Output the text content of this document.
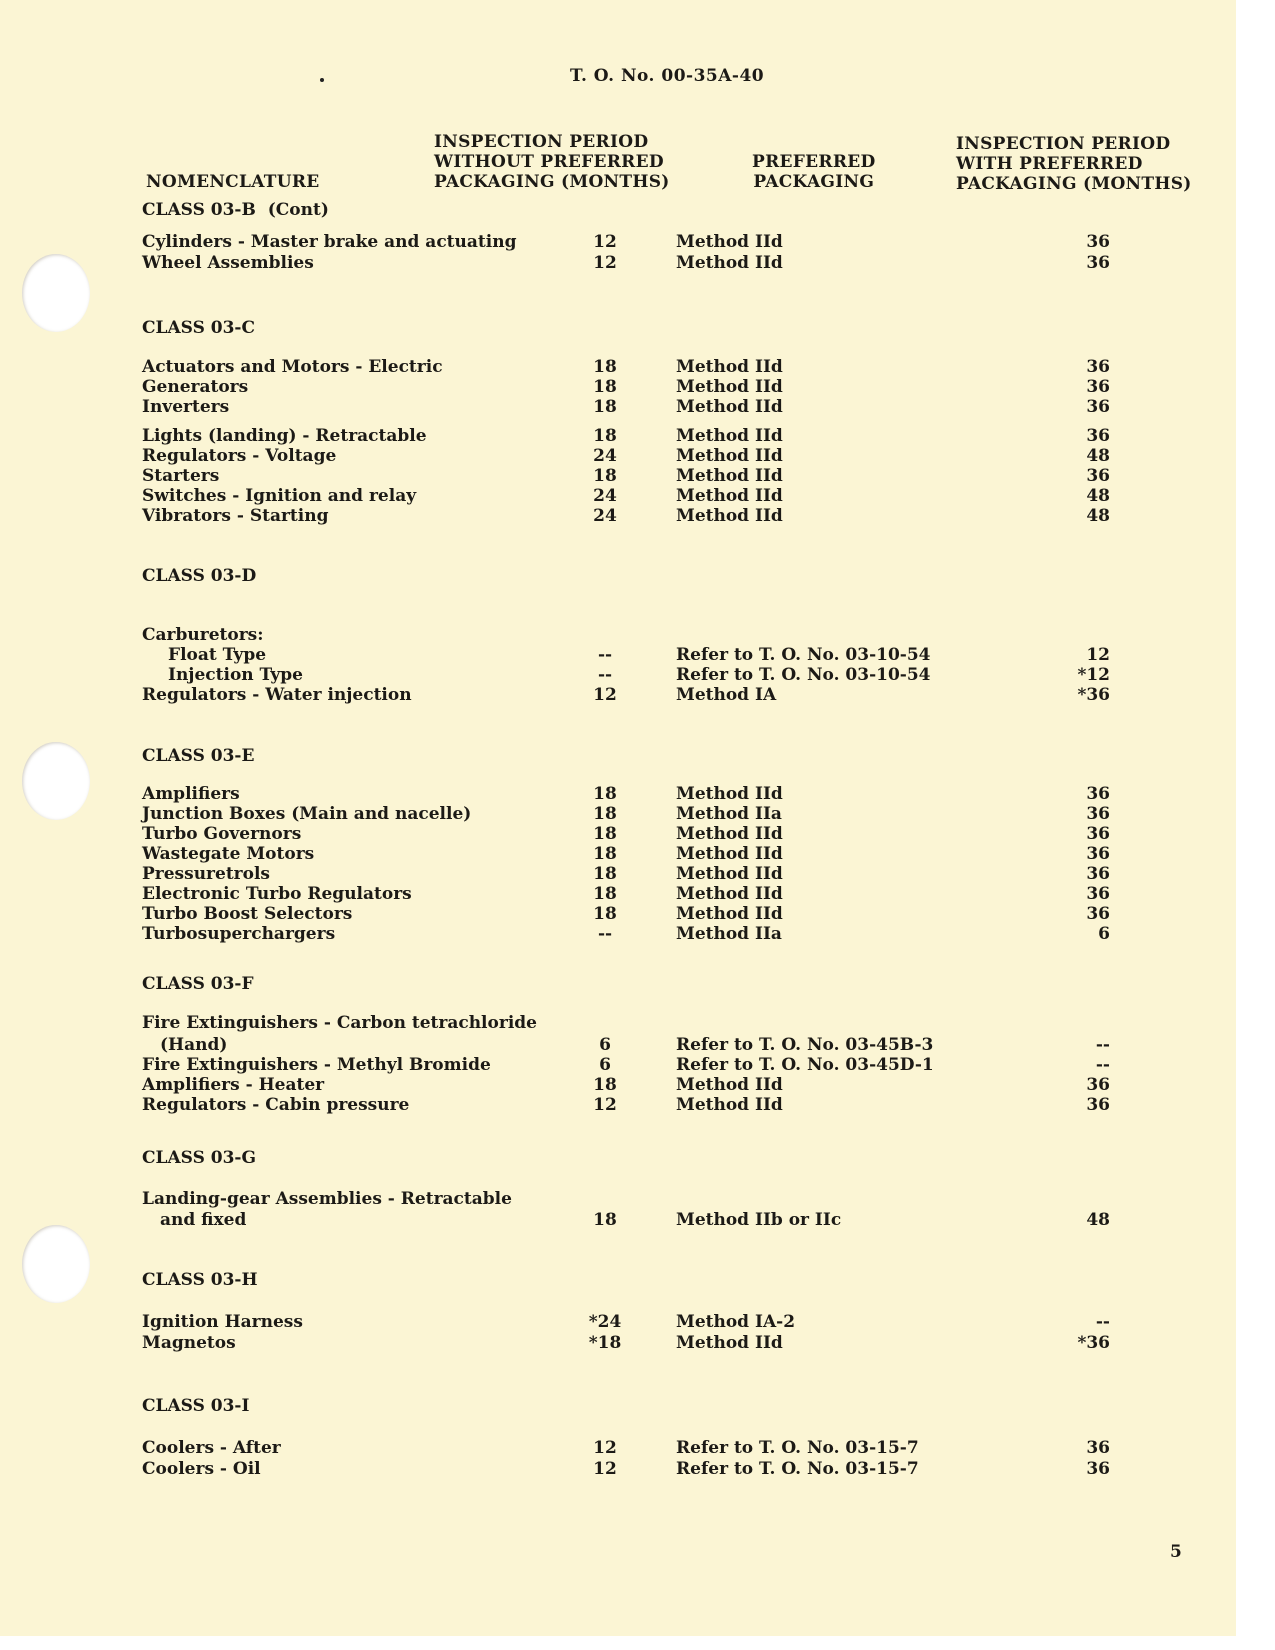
T. O. No. 00-35A-40
NOMENCLATURE
INSPECTION PERIOD
WITHOUT PREFERRED
PACKAGING (MONTHS)
PREFERRED
PACKAGING
INSPECTION PERIOD
WITH PREFERRED
PACKAGING (MONTHS)
CLASS 03-B  (Cont)
Cylinders - Master brake and actuating	12	Method IId	36
Wheel Assemblies	12	Method IId	36
CLASS 03-C
Actuators and Motors - Electric	18	Method IId	36
Generators	18	Method IId	36
Inverters	18	Method IId	36
Lights (landing) - Retractable	18	Method IId	36
Regulators - Voltage	24	Method IId	48
Starters	18	Method IId	36
Switches - Ignition and relay	24	Method IId	48
Vibrators - Starting	24	Method IId	48
CLASS 03-D
Carburetors:
Float Type	--	Refer to T. O. No. 03-10-54	12
Injection Type	--	Refer to T. O. No. 03-10-54	*12
Regulators - Water injection	12	Method IA	*36
CLASS 03-E
Amplifiers	18	Method IId	36
Junction Boxes (Main and nacelle)	18	Method IIa	36
Turbo Governors	18	Method IId	36
Wastegate Motors	18	Method IId	36
Pressuretrols	18	Method IId	36
Electronic Turbo Regulators	18	Method IId	36
Turbo Boost Selectors	18	Method IId	36
Turbosuperchargers	--	Method IIa	6
CLASS 03-F
Fire Extinguishers - Carbon tetrachloride
(Hand)	6	Refer to T. O. No. 03-45B-3	--
Fire Extinguishers - Methyl Bromide	6	Refer to T. O. No. 03-45D-1	--
Amplifiers - Heater	18	Method IId	36
Regulators - Cabin pressure	12	Method IId	36
CLASS 03-G
Landing-gear Assemblies - Retractable
and fixed	18	Method IIb or IIc	48
CLASS 03-H
Ignition Harness	*24	Method IA-2	--
Magnetos	*18	Method IId	*36
CLASS 03-I
Coolers - After	12	Refer to T. O. No. 03-15-7	36
Coolers - Oil	12	Refer to T. O. No. 03-15-7	36
5
